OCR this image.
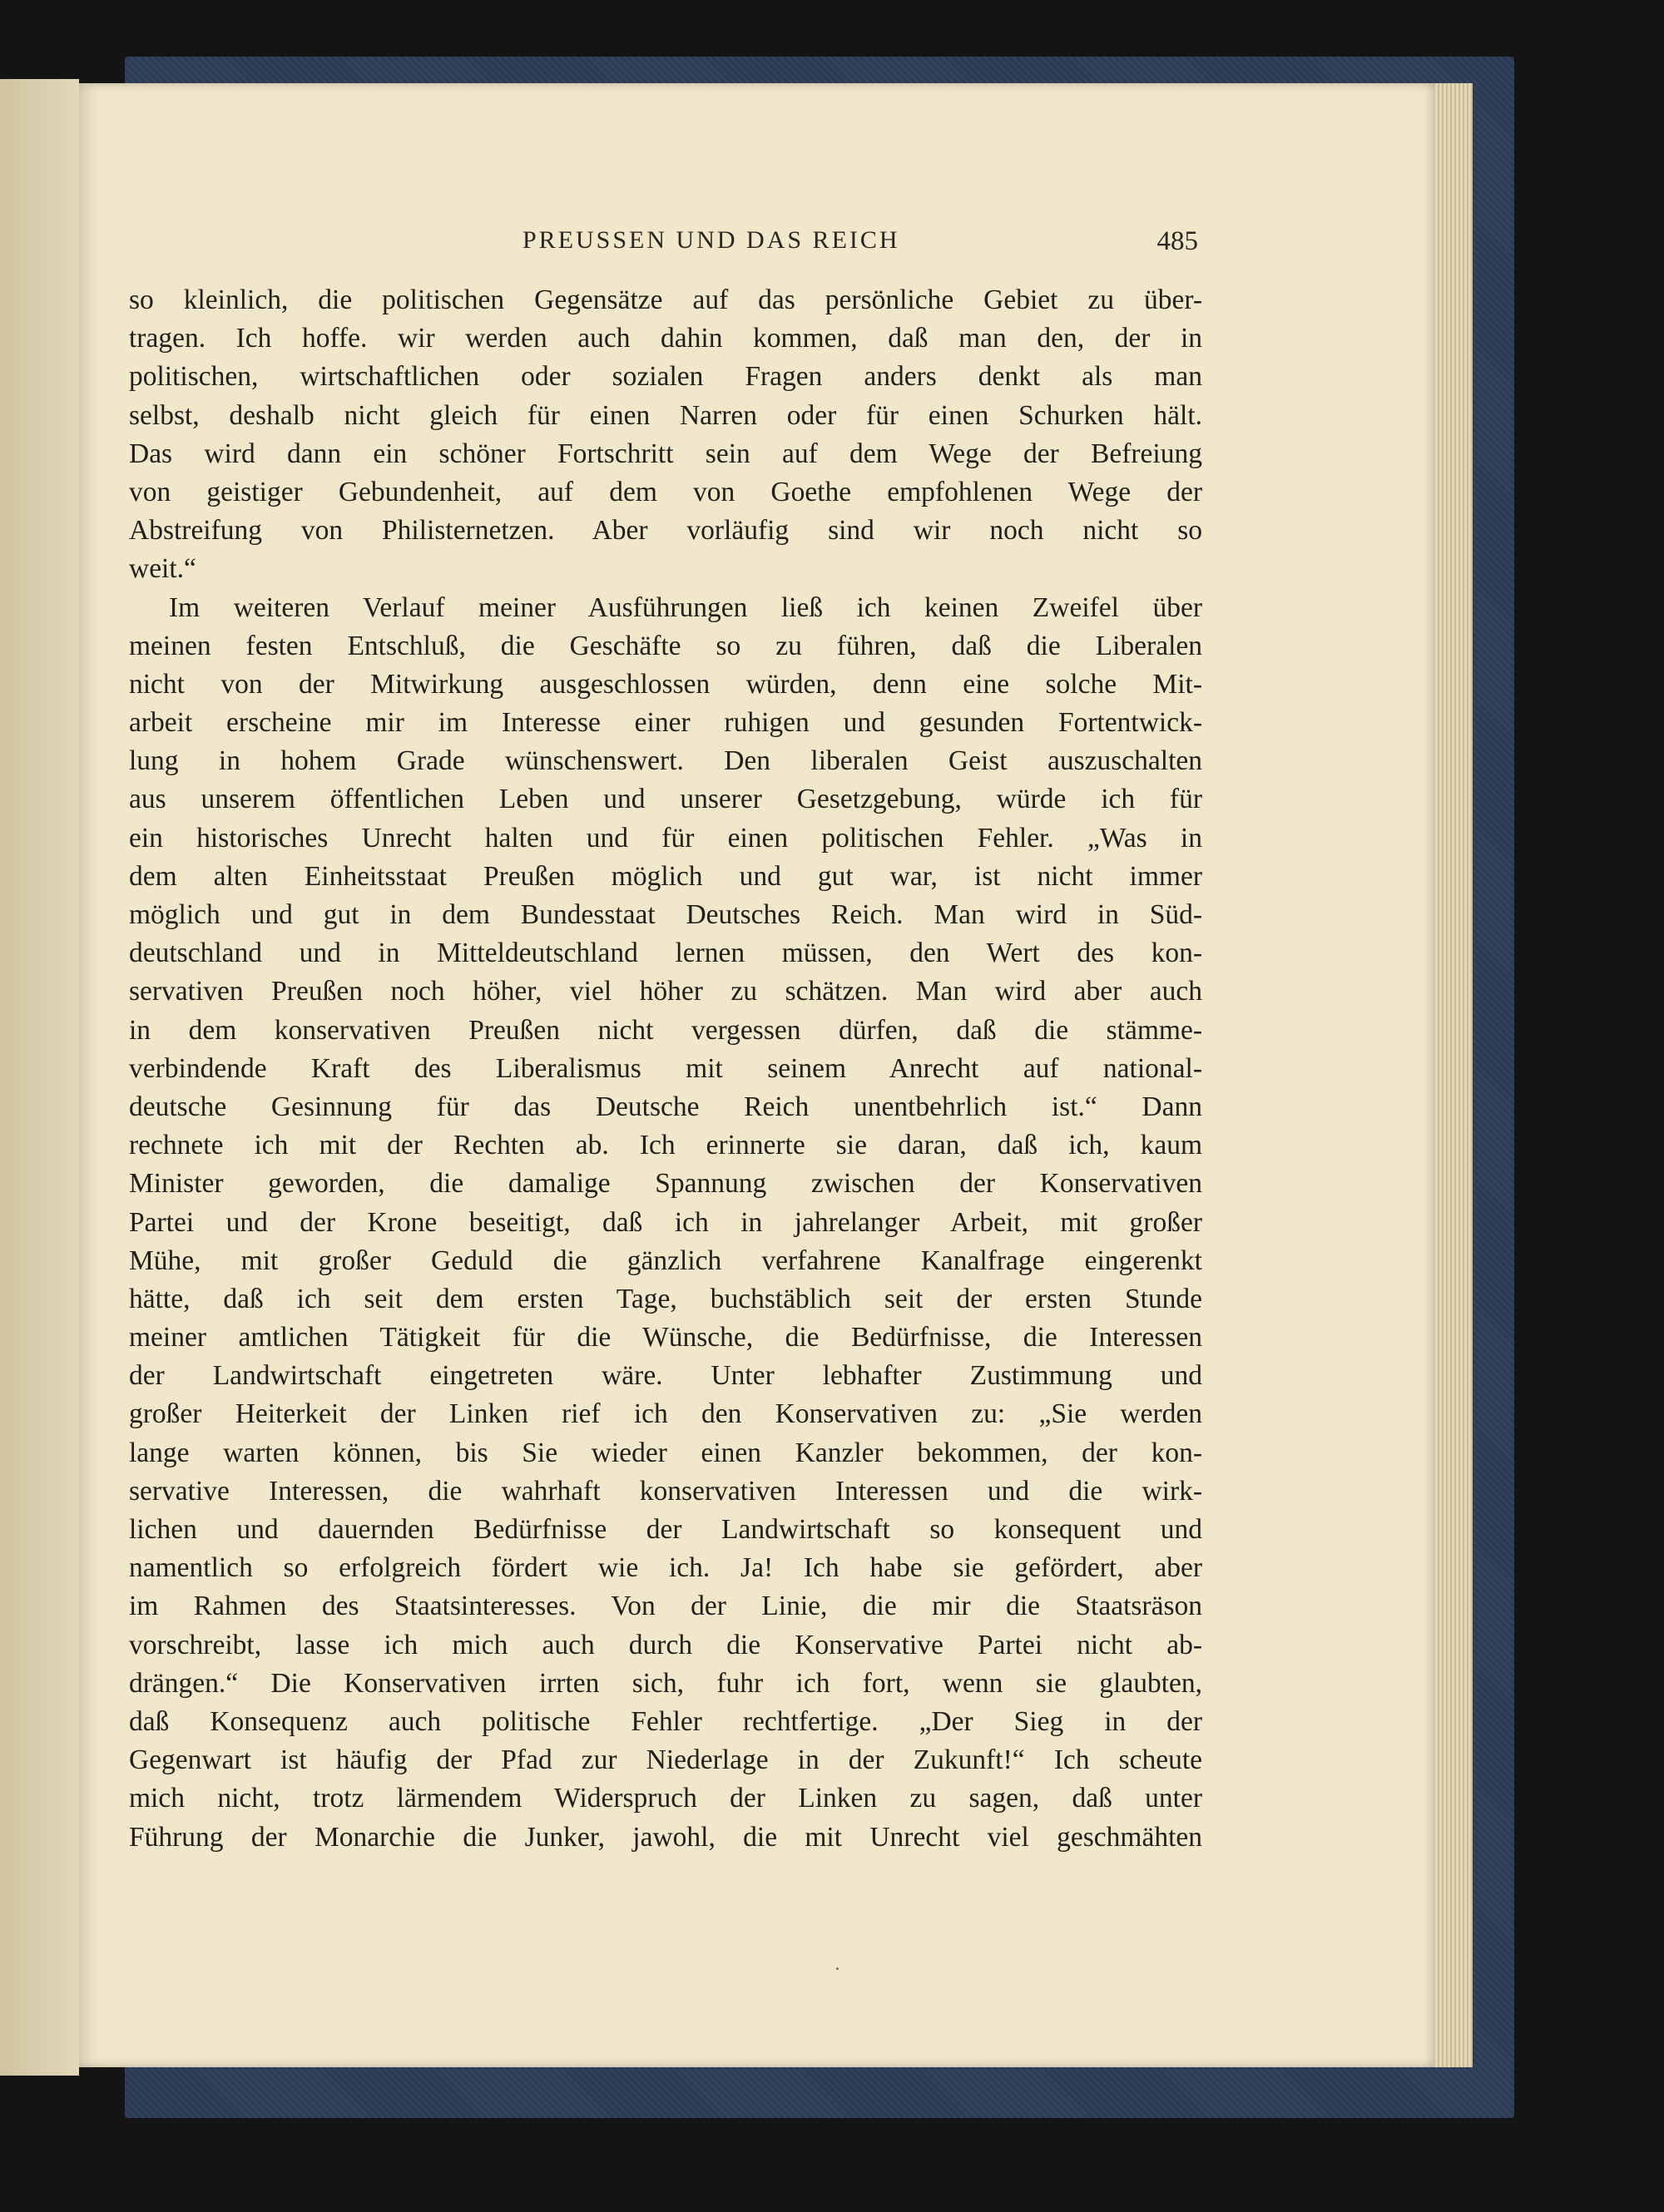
PREUSSEN UND DAS REICH	485
so kleinlich, die politischen Gegensätze auf das persönliche Gebiet zu über-
tragen. Ich hoffe. wir werden auch dahin kommen, daß man den, der in
politischen, wirtschaftlichen oder sozialen Fragen anders denkt als man
selbst, deshalb nicht gleich für einen Narren oder für einen Schurken hält.
Das wird dann ein schöner Fortschritt sein auf dem Wege der Befreiung
von geistiger Gebundenheit, auf dem von Goethe empfohlenen Wege der
Abstreifung von Philisternetzen. Aber vorläufig sind wir noch nicht so
weit.“
Im weiteren Verlauf meiner Ausführungen ließ ich keinen Zweifel über
meinen festen Entschluß, die Geschäfte so zu führen, daß die Liberalen
nicht von der Mitwirkung ausgeschlossen würden, denn eine solche Mit-
arbeit erscheine mir im Interesse einer ruhigen und gesunden Fortentwick-
lung in hohem Grade wünschenswert. Den liberalen Geist auszuschalten
aus unserem öffentlichen Leben und unserer Gesetzgebung, würde ich für
ein historisches Unrecht halten und für einen politischen Fehler. „Was in
dem alten Einheitsstaat Preußen möglich und gut war, ist nicht immer
möglich und gut in dem Bundesstaat Deutsches Reich. Man wird in Süd-
deutschland und in Mitteldeutschland lernen müssen, den Wert des kon-
servativen Preußen noch höher, viel höher zu schätzen. Man wird aber auch
in dem konservativen Preußen nicht vergessen dürfen, daß die stämme-
verbindende Kraft des Liberalismus mit seinem Anrecht auf national-
deutsche Gesinnung für das Deutsche Reich unentbehrlich ist.“ Dann
rechnete ich mit der Rechten ab. Ich erinnerte sie daran, daß ich, kaum
Minister geworden, die damalige Spannung zwischen der Konservativen
Partei und der Krone beseitigt, daß ich in jahrelanger Arbeit, mit großer
Mühe, mit großer Geduld die gänzlich verfahrene Kanalfrage eingerenkt
hätte, daß ich seit dem ersten Tage, buchstäblich seit der ersten Stunde
meiner amtlichen Tätigkeit für die Wünsche, die Bedürfnisse, die Interessen
der Landwirtschaft eingetreten wäre. Unter lebhafter Zustimmung und
großer Heiterkeit der Linken rief ich den Konservativen zu: „Sie werden
lange warten können, bis Sie wieder einen Kanzler bekommen, der kon-
servative Interessen, die wahrhaft konservativen Interessen und die wirk-
lichen und dauernden Bedürfnisse der Landwirtschaft so konsequent und
namentlich so erfolgreich fördert wie ich. Ja! Ich habe sie gefördert, aber
im Rahmen des Staatsinteresses. Von der Linie, die mir die Staatsräson
vorschreibt, lasse ich mich auch durch die Konservative Partei nicht ab-
drängen.“ Die Konservativen irrten sich, fuhr ich fort, wenn sie glaubten,
daß Konsequenz auch politische Fehler rechtfertige. „Der Sieg in der
Gegenwart ist häufig der Pfad zur Niederlage in der Zukunft!“ Ich scheute
mich nicht, trotz lärmendem Widerspruch der Linken zu sagen, daß unter
Führung der Monarchie die Junker, jawohl, die mit Unrecht viel geschmähten
